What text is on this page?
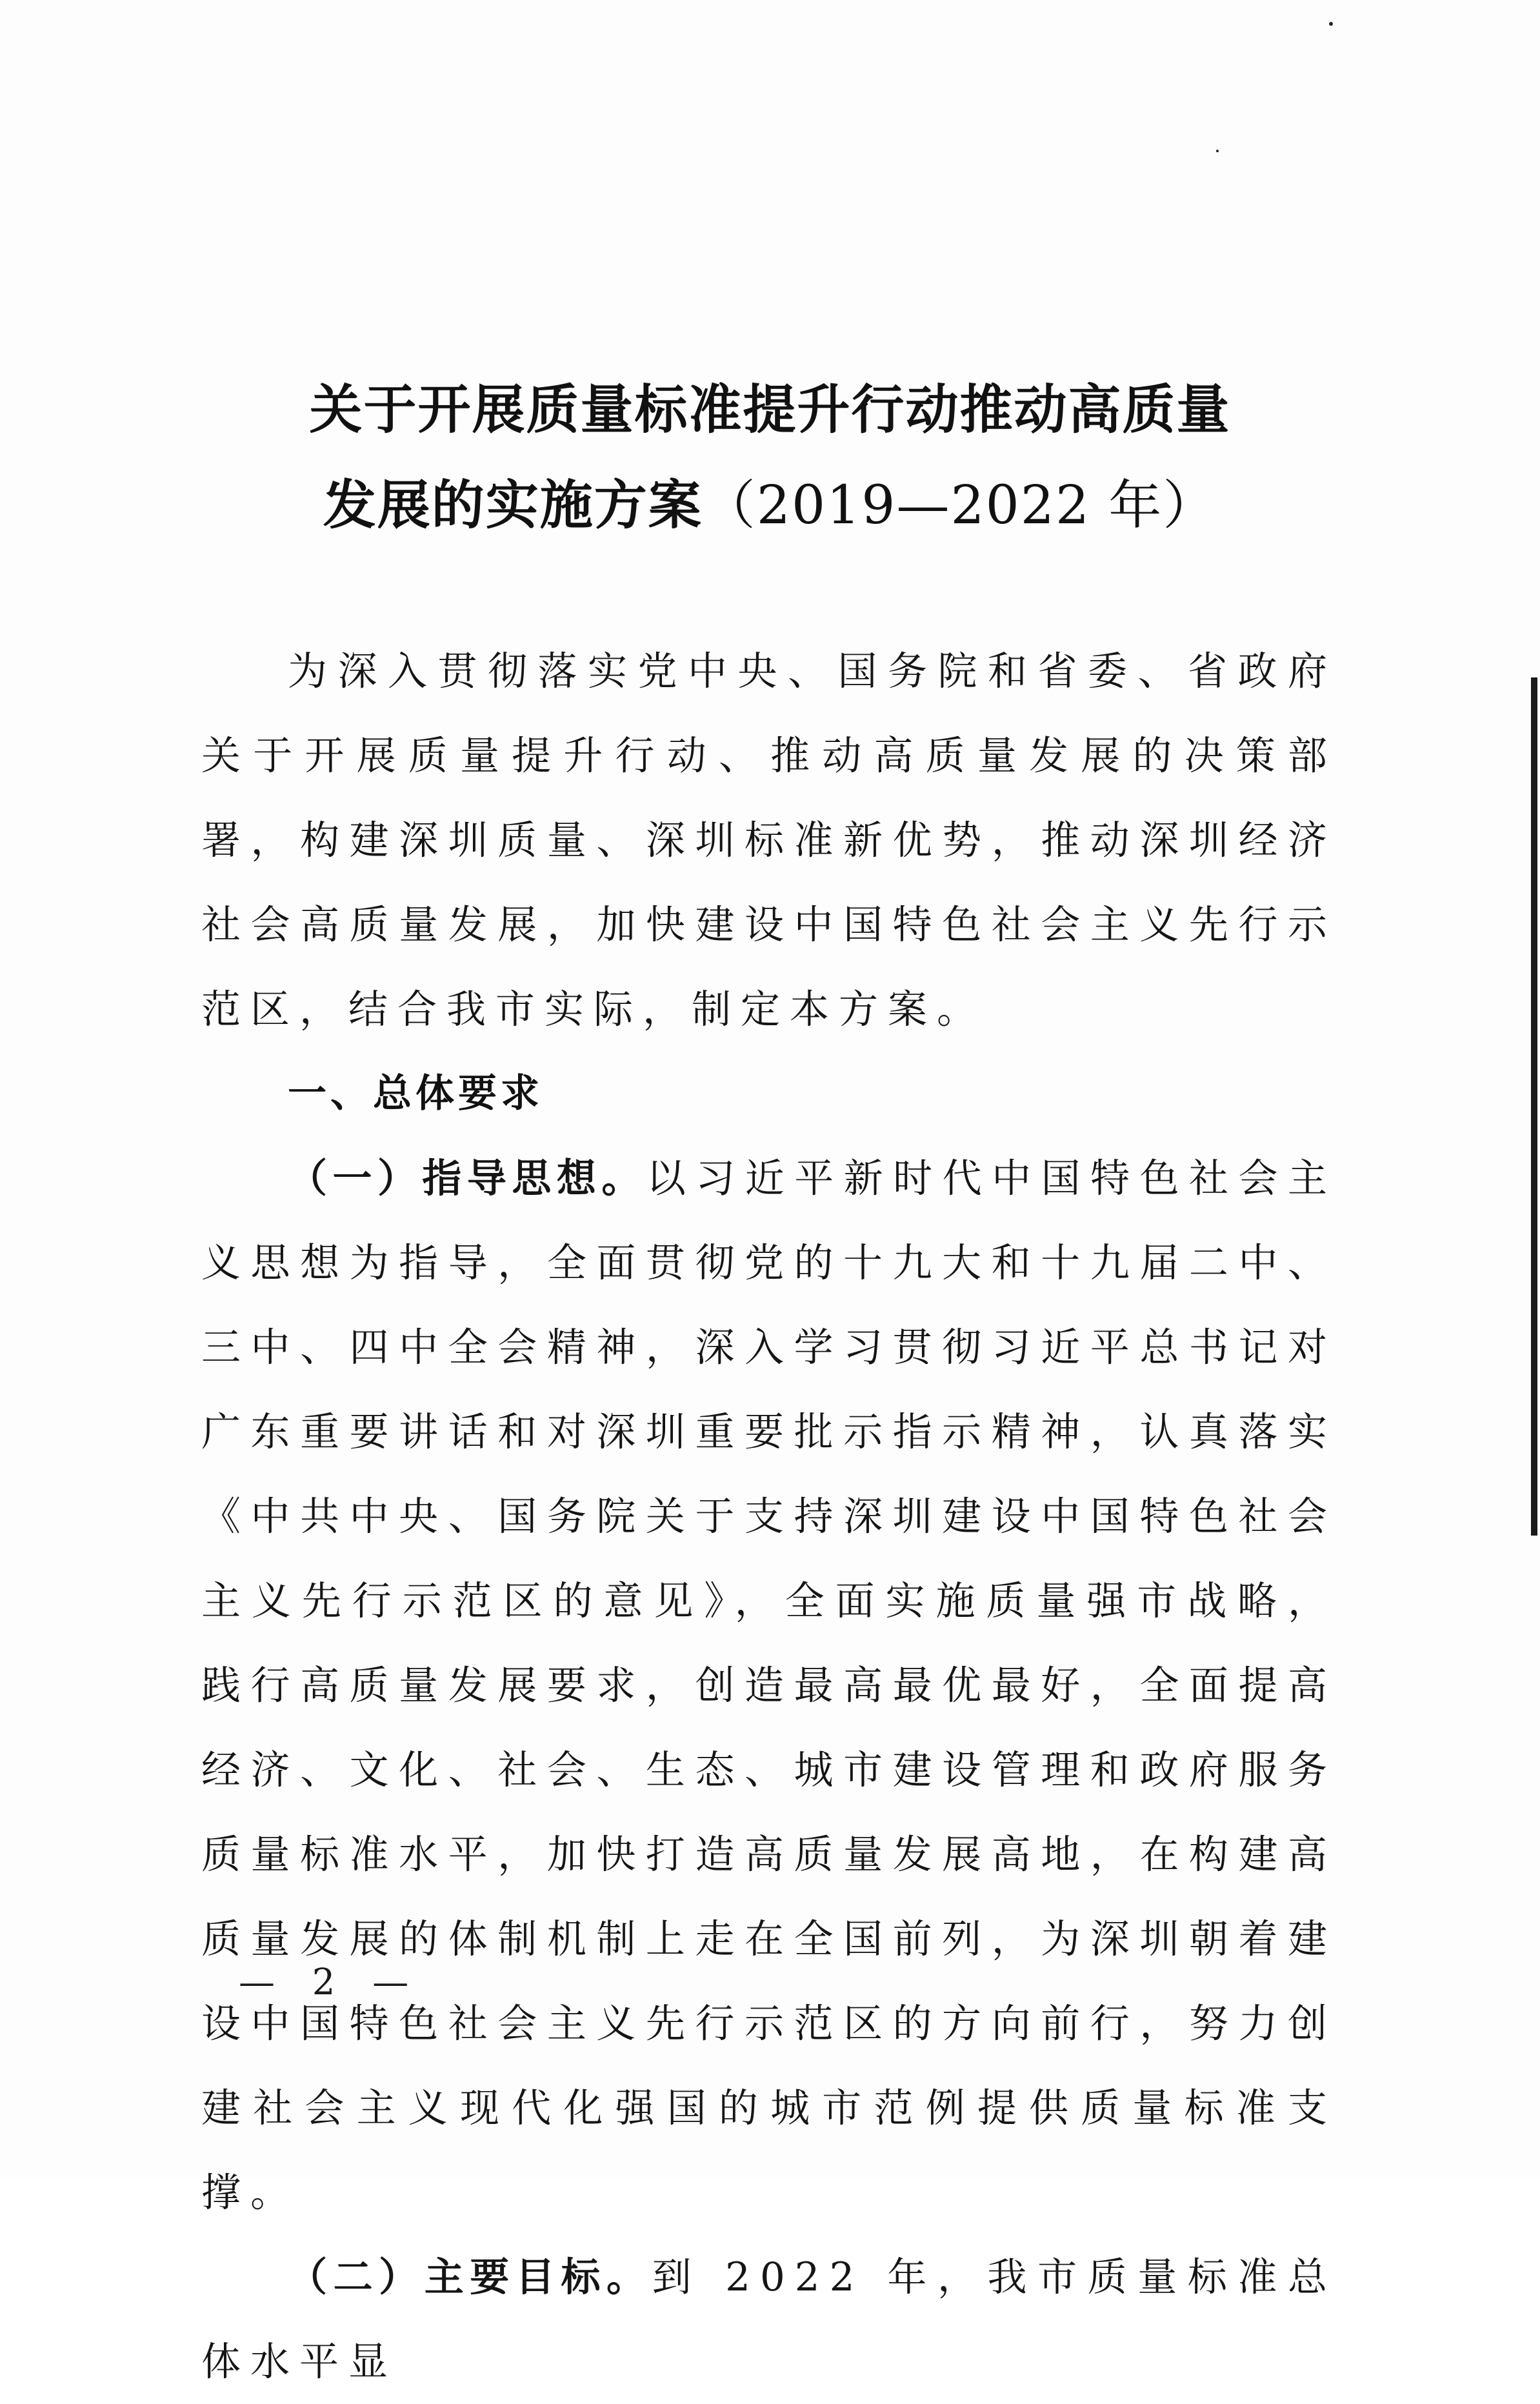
关于开展质量标准提升行动推动高质量
发展的实施方案（2019—2022 年）

为深入贯彻落实党中央、国务院和省委、省政府关于开展质量提升行动、推动高质量发展的决策部署，构建深圳质量、深圳标准新优势，推动深圳经济社会高质量发展，加快建设中国特色社会主义先行示范区，结合我市实际，制定本方案。

一、总体要求

（一）指导思想。以习近平新时代中国特色社会主义思想为指导，全面贯彻党的十九大和十九届二中、三中、四中全会精神，深入学习贯彻习近平总书记对广东重要讲话和对深圳重要批示指示精神，认真落实《中共中央、国务院关于支持深圳建设中国特色社会主义先行示范区的意见》，全面实施质量强市战略，践行高质量发展要求，创造最高最优最好，全面提高经济、文化、社会、生态、城市建设管理和政府服务质量标准水平，加快打造高质量发展高地，在构建高质量发展的体制机制上走在全国前列，为深圳朝着建设中国特色社会主义先行示范区的方向前行，努力创建社会主义现代化强国的城市范例提供质量标准支撑。

（二）主要目标。到 2022 年，我市质量标准总体水平显

— 2 —
